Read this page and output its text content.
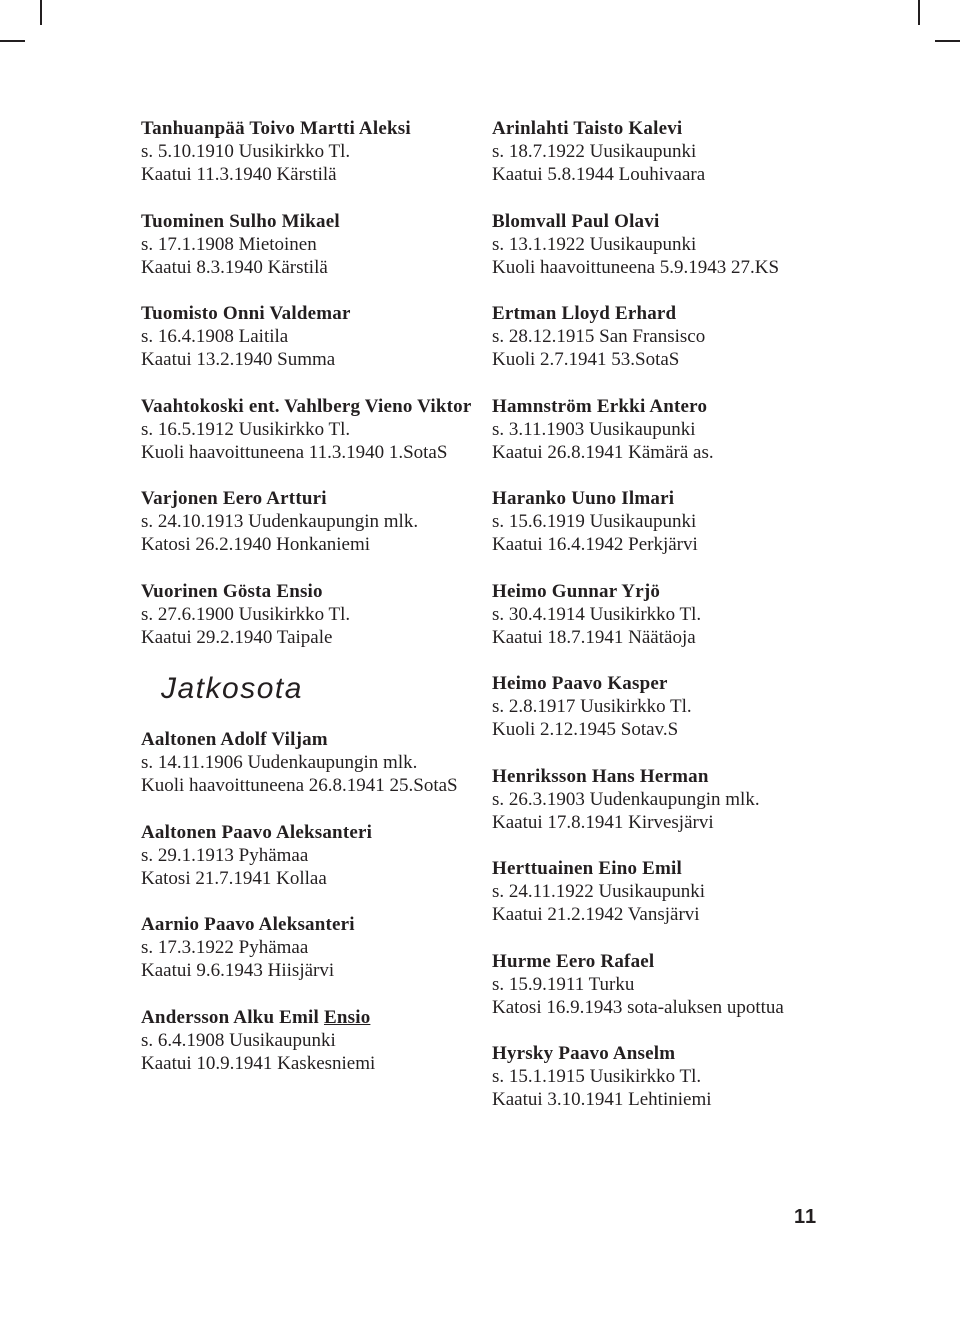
Tanhuanpää Toivo Martti Aleksi
s. 5.10.1910 Uusikirkko Tl.
Kaatui 11.3.1940 Kärstilä
Tuominen Sulho Mikael
s. 17.1.1908 Mietoinen
Kaatui 8.3.1940 Kärstilä
Tuomisto Onni Valdemar
s. 16.4.1908 Laitila
Kaatui 13.2.1940 Summa
Vaahtokoski ent. Vahlberg Vieno Viktor
s. 16.5.1912 Uusikirkko Tl.
Kuoli haavoittuneena 11.3.1940 1.SotaS
Varjonen Eero Artturi
s. 24.10.1913 Uudenkaupungin mlk.
Katosi 26.2.1940 Honkaniemi
Vuorinen Gösta Ensio
s. 27.6.1900 Uusikirkko Tl.
Kaatui 29.2.1940 Taipale
Jatkosota
Aaltonen Adolf Viljam
s. 14.11.1906 Uudenkaupungin mlk.
Kuoli haavoittuneena 26.8.1941 25.SotaS
Aaltonen Paavo Aleksanteri
s. 29.1.1913 Pyhämaa
Katosi 21.7.1941 Kollaa
Aarnio Paavo Aleksanteri
s. 17.3.1922 Pyhämaa
Kaatui 9.6.1943 Hiisjärvi
Andersson Alku Emil Ensio
s. 6.4.1908 Uusikaupunki
Kaatui 10.9.1941 Kaskesniemi
Arinlahti Taisto Kalevi
s. 18.7.1922 Uusikaupunki
Kaatui 5.8.1944 Louhivaara
Blomvall Paul Olavi
s. 13.1.1922 Uusikaupunki
Kuoli haavoittuneena 5.9.1943 27.KS
Ertman Lloyd Erhard
s. 28.12.1915 San Fransisco
Kuoli 2.7.1941 53.SotaS
Hamnström Erkki Antero
s. 3.11.1903 Uusikaupunki
Kaatui 26.8.1941 Kämärä as.
Haranko Uuno Ilmari
s. 15.6.1919 Uusikaupunki
Kaatui 16.4.1942 Perkjärvi
Heimo Gunnar Yrjö
s. 30.4.1914 Uusikirkko Tl.
Kaatui 18.7.1941 Näätäoja
Heimo Paavo Kasper
s. 2.8.1917 Uusikirkko Tl.
Kuoli 2.12.1945 Sotav.S
Henriksson Hans Herman
s. 26.3.1903 Uudenkaupungin mlk.
Kaatui 17.8.1941 Kirvesjärvi
Herttuainen Eino Emil
s. 24.11.1922 Uusikaupunki
Kaatui 21.2.1942 Vansjärvi
Hurme Eero Rafael
s. 15.9.1911 Turku
Katosi 16.9.1943 sota-aluksen upottua
Hyrsky Paavo Anselm
s. 15.1.1915 Uusikirkko Tl.
Kaatui 3.10.1941 Lehtiniemi
11
